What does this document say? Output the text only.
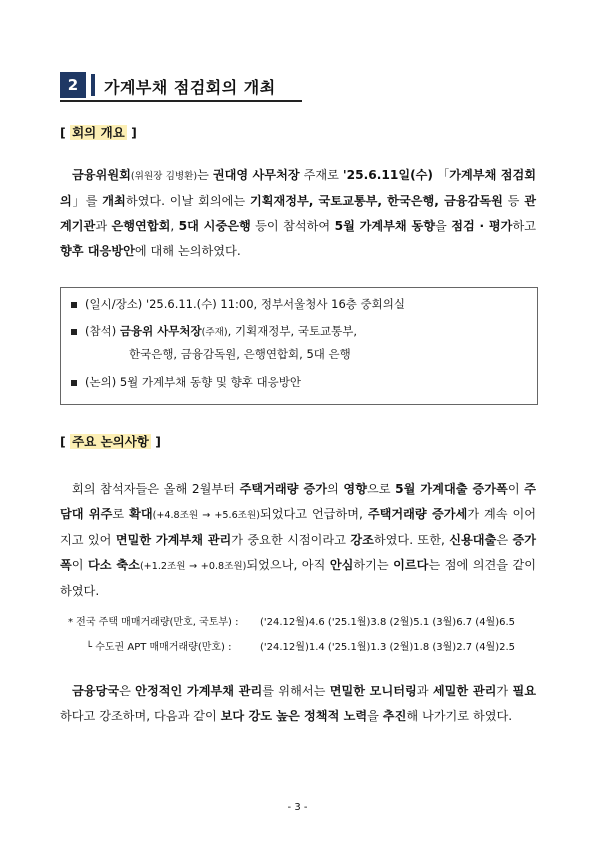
2	가계부채 점검회의 개최
[ 회의 개요 ]
금융위원회(위원장 김병환)는 권대영 사무처장 주재로 '25.6.11일(수) 「가계부채 점검회의」를 개최하였다. 이날 회의에는 기획재정부, 국토교통부, 한국은행, 금융감독원 등 관계기관과 은행연합회, 5대 시중은행 등이 참석하여 5월 가계부채 동향을 점검 · 평가하고 향후 대응방안에 대해 논의하였다.
(일시/장소) '25.6.11.(수) 11:00, 정부서울청사 16층 중회의실
(참석) 금융위 사무처장(주재), 기획재정부, 국토교통부,
한국은행, 금융감독원, 은행연합회, 5대 은행
(논의) 5월 가계부채 동향 및 향후 대응방안
[ 주요 논의사항 ]
회의 참석자들은 올해 2월부터 주택거래량 증가의 영향으로 5월 가계대출 증가폭이 주담대 위주로 확대(+4.8조원 → +5.6조원)되었다고 언급하며, 주택거래량 증가세가 계속 이어지고 있어 면밀한 가계부채 관리가 중요한 시점이라고 강조하였다. 또한, 신용대출은 증가폭이 다소 축소(+1.2조원 → +0.8조원)되었으나, 아직 안심하기는 이르다는 점에 의견을 같이 하였다.
* 전국 주택 매매거래량(만호, 국토부) : ('24.12월)4.6 ('25.1월)3.8 (2월)5.1 (3월)6.7 (4월)6.5
└ 수도권 APT 매매거래량(만호) :	('24.12월)1.4 ('25.1월)1.3 (2월)1.8 (3월)2.7 (4월)2.5
금융당국은 안정적인 가계부채 관리를 위해서는 면밀한 모니터링과 세밀한 관리가 필요하다고 강조하며, 다음과 같이 보다 강도 높은 정책적 노력을 추진해 나가기로 하였다.
- 3 -
